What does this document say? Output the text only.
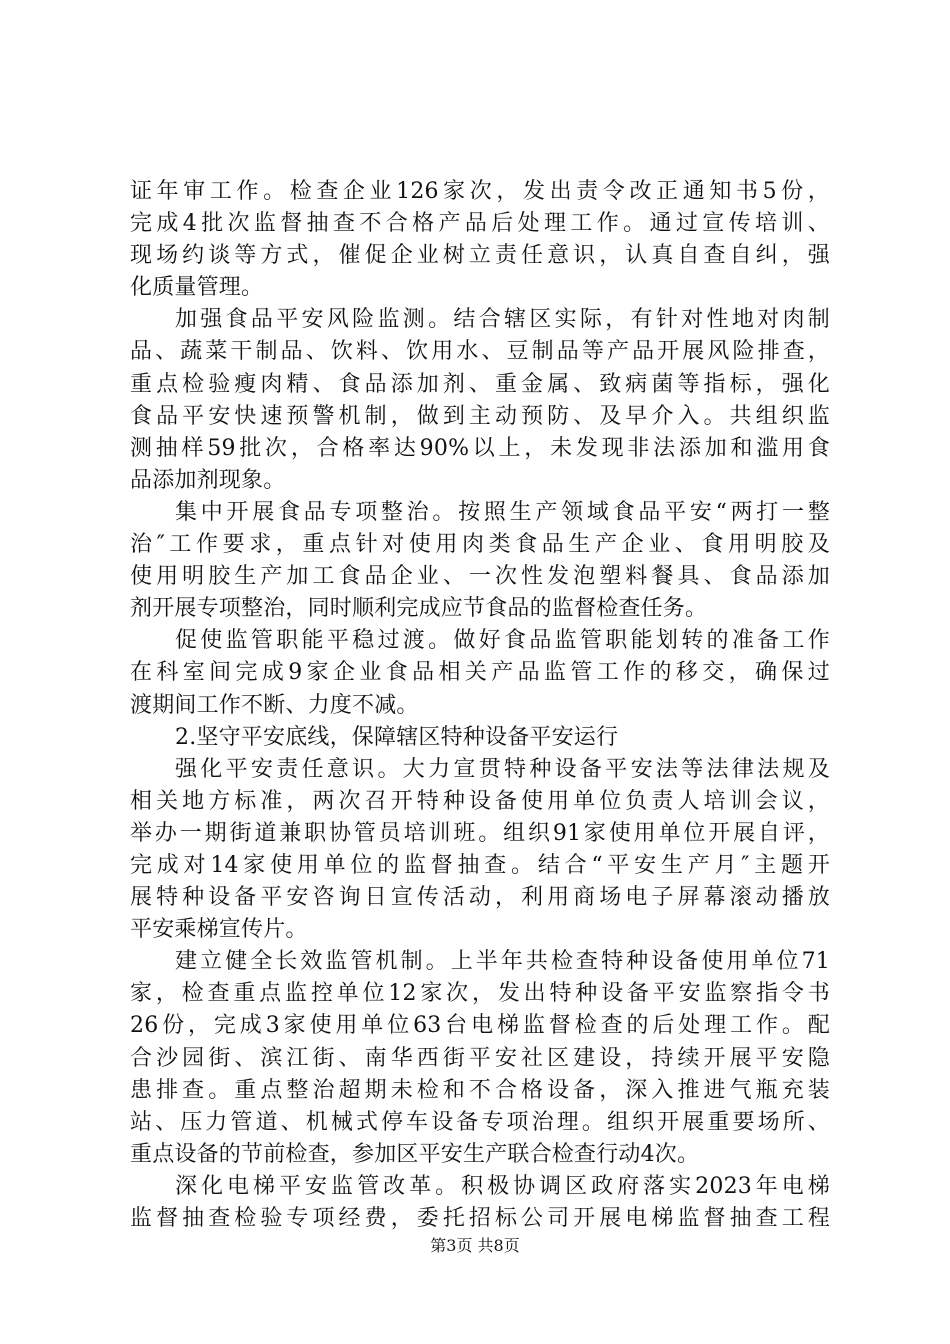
证年审工作。检查企业126家次，发出责令改正通知书5份，
完成4批次监督抽查不合格产品后处理工作。通过宣传培训、
现场约谈等方式，催促企业树立责任意识，认真自查自纠，强
化质量管理。
加强食品平安风险监测。结合辖区实际，有针对性地对肉制
品、蔬菜干制品、饮料、饮用水、豆制品等产品开展风险排查，
重点检验瘦肉精、食品添加剂、重金属、致病菌等指标，强化
食品平安快速预警机制，做到主动预防、及早介入。共组织监
测抽样59批次，合格率达90%以上，未发现非法添加和滥用食
品添加剂现象。
集中开展食品专项整治。按照生产领域食品平安“两打一整
治″工作要求，重点针对使用肉类食品生产企业、食用明胶及
使用明胶生产加工食品企业、一次性发泡塑料餐具、食品添加
剂开展专项整治，同时顺利完成应节食品的监督检查任务。
促使监管职能平稳过渡。做好食品监管职能划转的准备工作
在科室间完成9家企业食品相关产品监管工作的移交，确保过
渡期间工作不断、力度不减。
2.坚守平安底线，保障辖区特种设备平安运行
强化平安责任意识。大力宣贯特种设备平安法等法律法规及
相关地方标准，两次召开特种设备使用单位负责人培训会议，
举办一期街道兼职协管员培训班。组织91家使用单位开展自评，
完成对14家使用单位的监督抽查。结合“平安生产月″主题开
展特种设备平安咨询日宣传活动，利用商场电子屏幕滚动播放
平安乘梯宣传片。
建立健全长效监管机制。上半年共检查特种设备使用单位71
家，检查重点监控单位12家次，发出特种设备平安监察指令书
26份，完成3家使用单位63台电梯监督检查的后处理工作。配
合沙园街、滨江街、南华西街平安社区建设，持续开展平安隐
患排查。重点整治超期未检和不合格设备，深入推进气瓶充装
站、压力管道、机械式停车设备专项治理。组织开展重要场所、
重点设备的节前检查，参加区平安生产联合检查行动4次。
深化电梯平安监管改革。积极协调区政府落实2023年电梯
监督抽查检验专项经费，委托招标公司开展电梯监督抽查工程
第3页 共8页
